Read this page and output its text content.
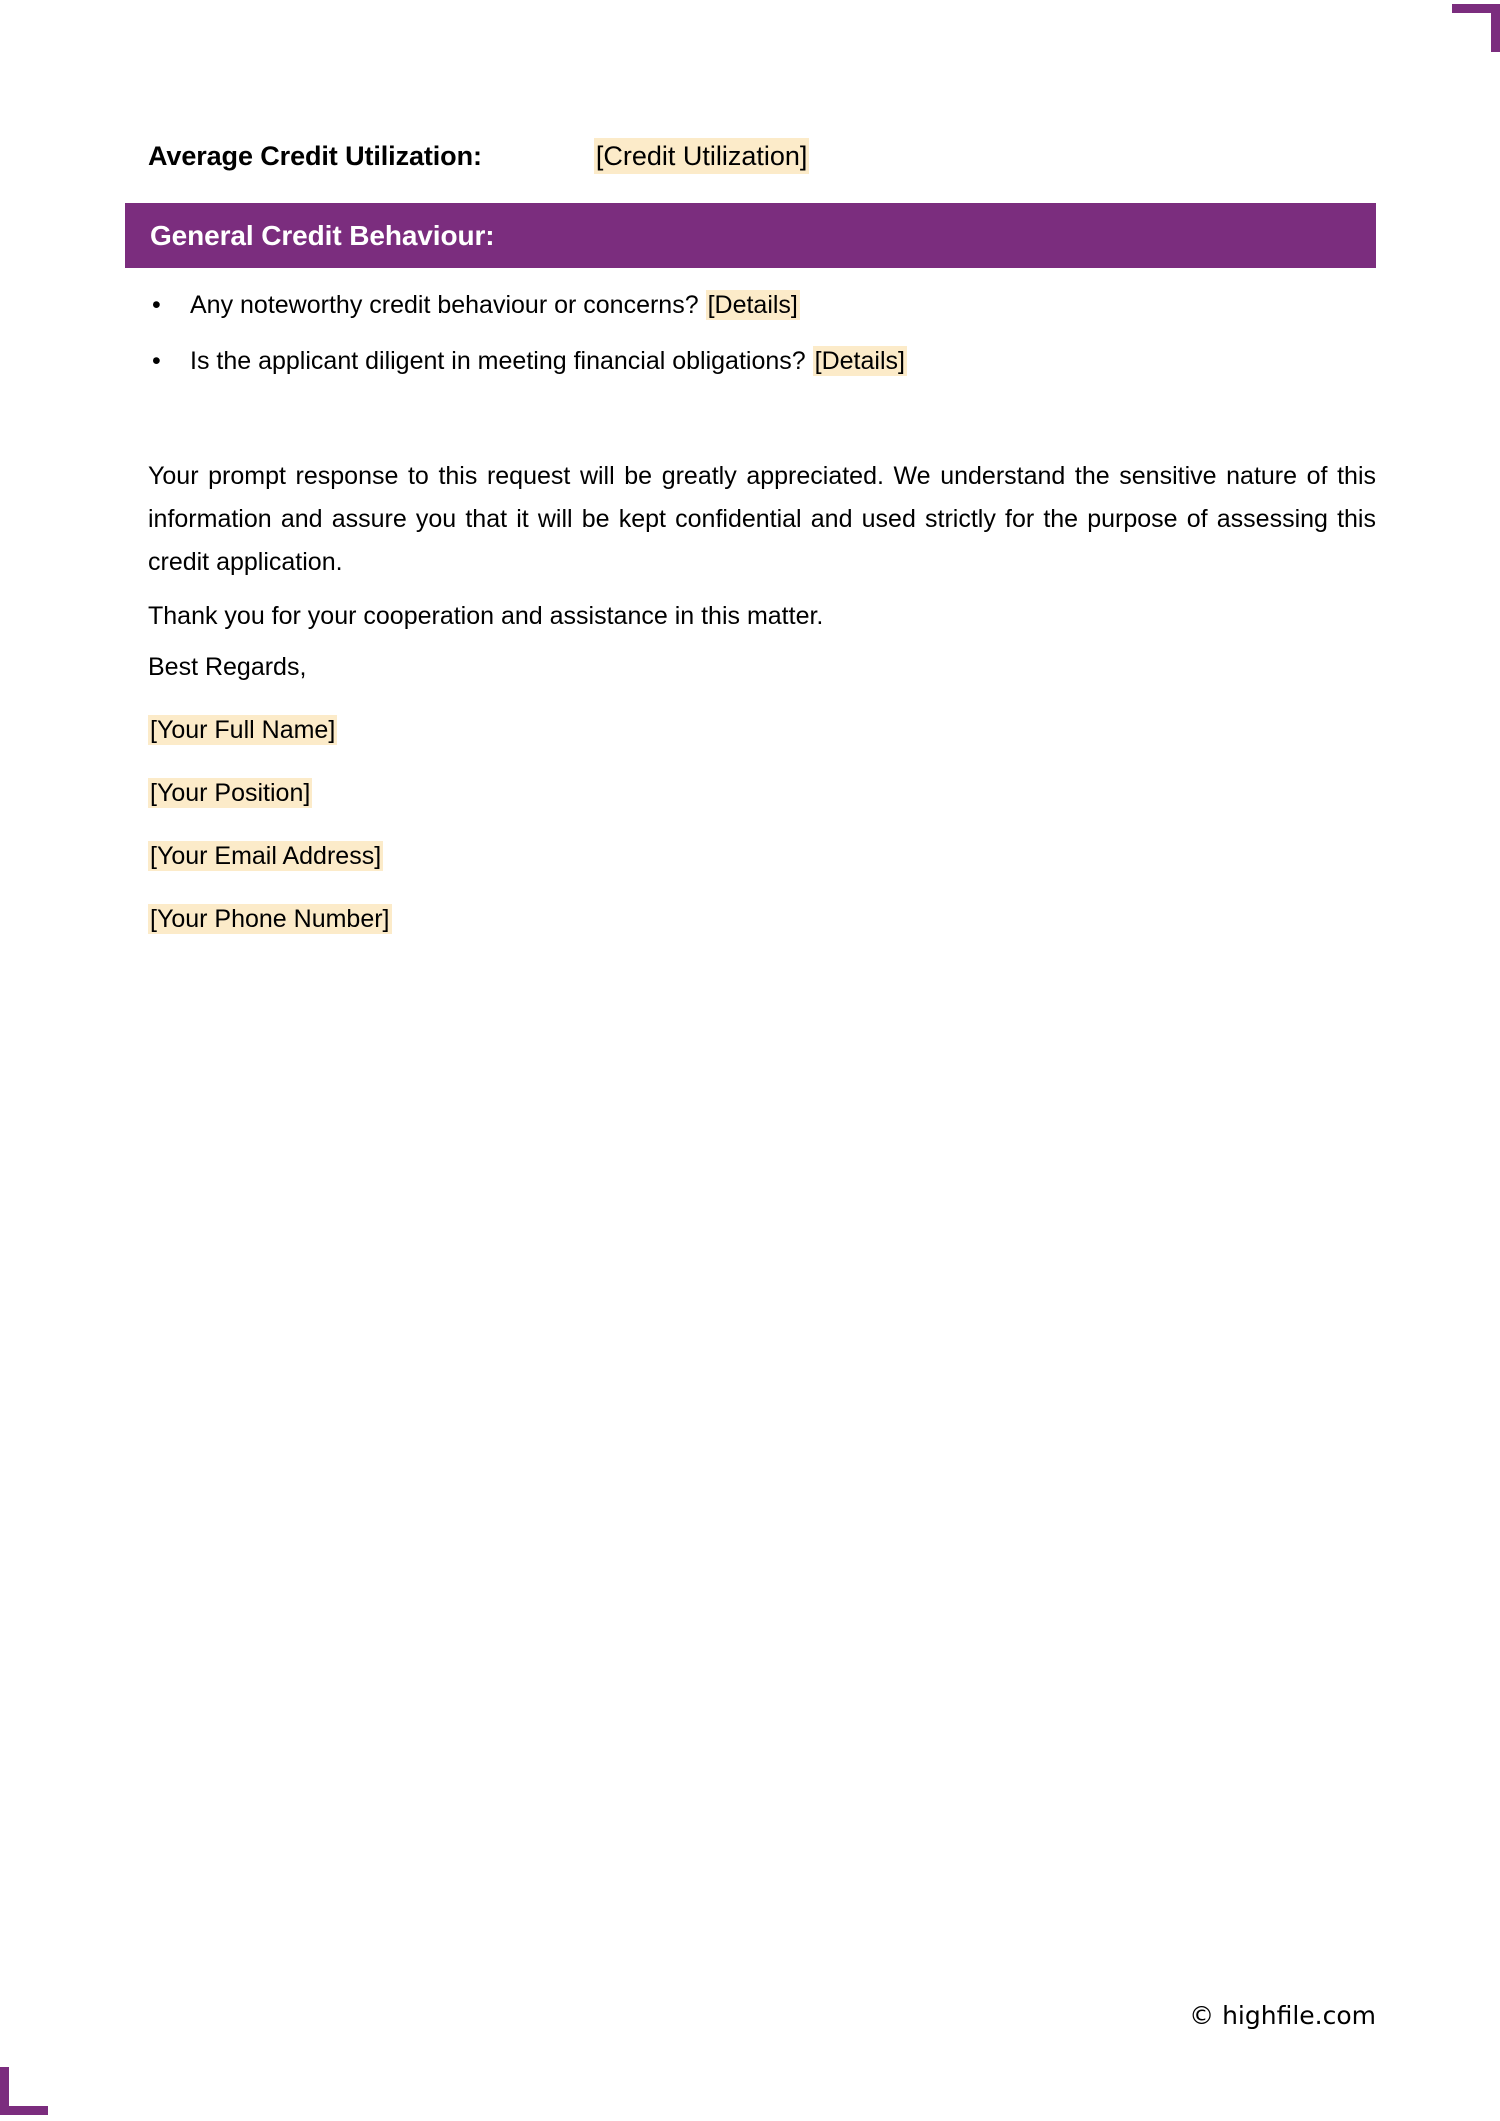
Average Credit Utilization:	[Credit Utilization]
General Credit Behaviour:
• Any noteworthy credit behaviour or concerns? [Details]
• Is the applicant diligent in meeting financial obligations? [Details]

Your prompt response to this request will be greatly appreciated. We understand the sensitive nature of this information and assure you that it will be kept confidential and used strictly for the purpose of assessing this credit application.

Thank you for your cooperation and assistance in this matter.

Best Regards,
[Your Full Name]
[Your Position]
[Your Email Address]
[Your Phone Number]
© highfile.com
